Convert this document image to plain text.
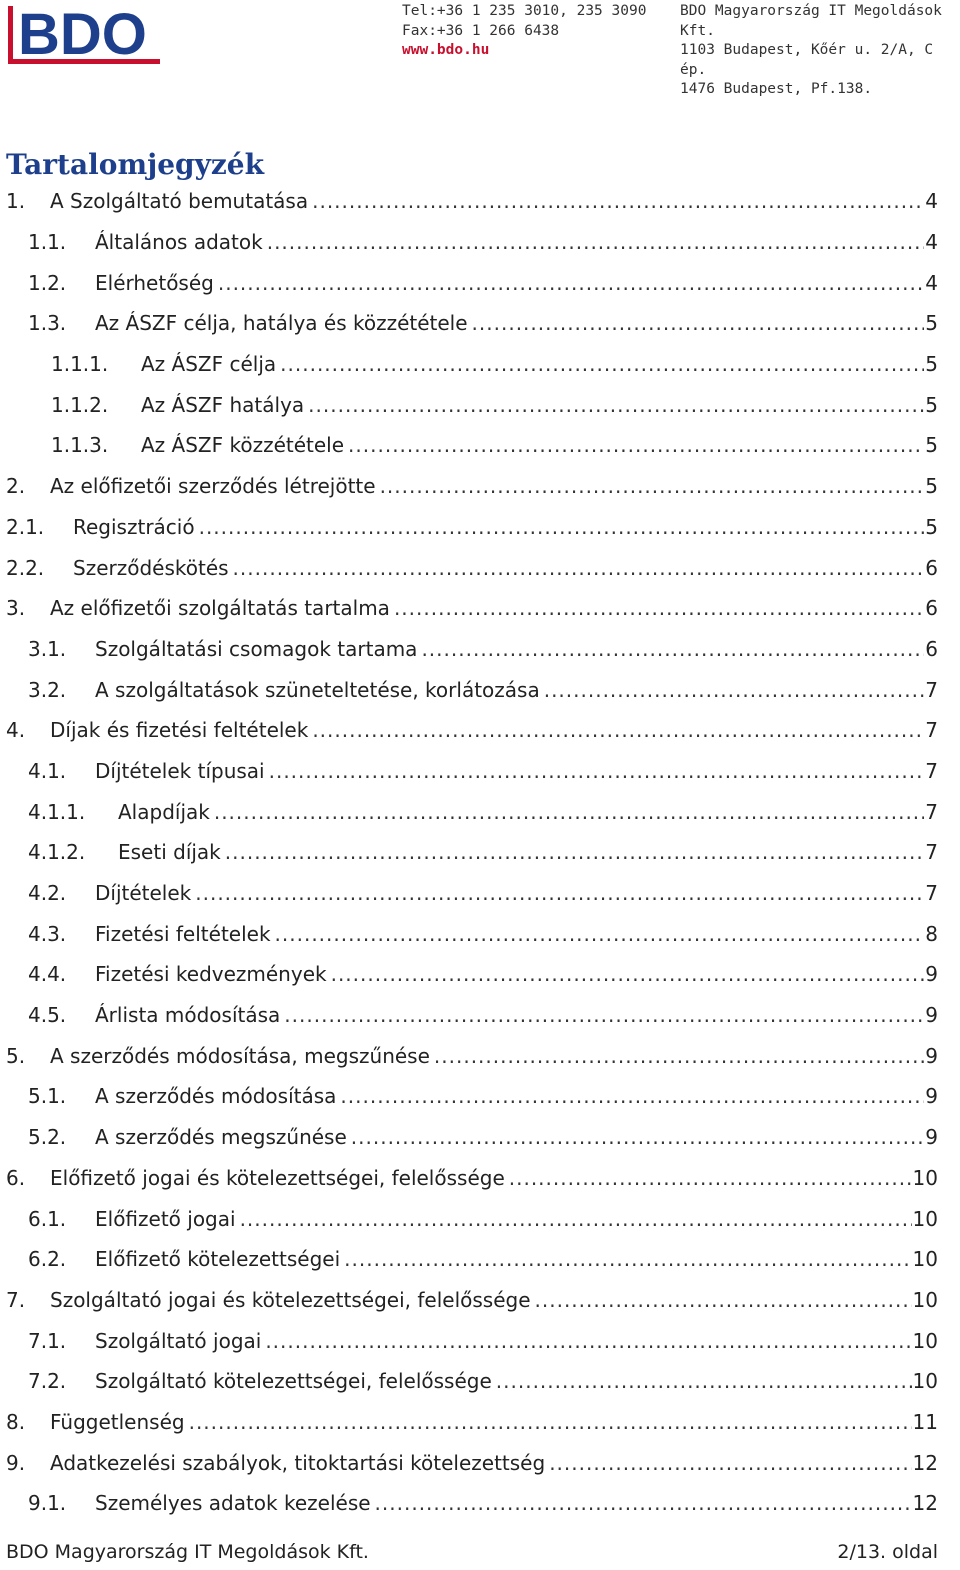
BDO	Tel:+36 1 235 3010, 235 3090
Fax:+36 1 266 6438
www.bdo.hu
BDO Magyarország IT Megoldások Kft.
1103 Budapest, Kőér u. 2/A, C ép.
1476 Budapest, Pf.138.
Tartalomjegyzék
1. A Szolgáltató bemutatása .....	4
1.1. Általános adatok .....	4
1.2. Elérhetőség .....	4
1.3. Az ÁSZF célja, hatálya és közzététele .....	5
1.1.1. Az ÁSZF célja .....	5
1.1.2. Az ÁSZF hatálya .....	5
1.1.3. Az ÁSZF közzététele .....	5
2. Az előfizetői szerződés létrejötte .....	5
2.1. Regisztráció .....	5
2.2. Szerződéskötés .....	6
3. Az előfizetői szolgáltatás tartalma .....	6
3.1. Szolgáltatási csomagok tartama .....	6
3.2. A szolgáltatások szüneteltetése, korlátozása .....	7
4. Díjak és fizetési feltételek .....	7
4.1. Díjtételek típusai .....	7
4.1.1. Alapdíjak .....	7
4.1.2. Eseti díjak .....	7
4.2. Díjtételek .....	7
4.3. Fizetési feltételek .....	8
4.4. Fizetési kedvezmények .....	9
4.5. Árlista módosítása .....	9
5. A szerződés módosítása, megszűnése .....	9
5.1. A szerződés módosítása .....	9
5.2. A szerződés megszűnése .....	9
6. Előfizető jogai és kötelezettségei, felelőssége .....	10
6.1. Előfizető jogai .....	10
6.2. Előfizető kötelezettségei .....	10
7. Szolgáltató jogai és kötelezettségei, felelőssége .....	10
7.1. Szolgáltató jogai .....	10
7.2. Szolgáltató kötelezettségei, felelőssége .....	10
8. Függetlenség .....	11
9. Adatkezelési szabályok, titoktartási kötelezettség .....	12
9.1. Személyes adatok kezelése .....	12
BDO Magyarország IT Megoldások Kft.	2/13. oldal
